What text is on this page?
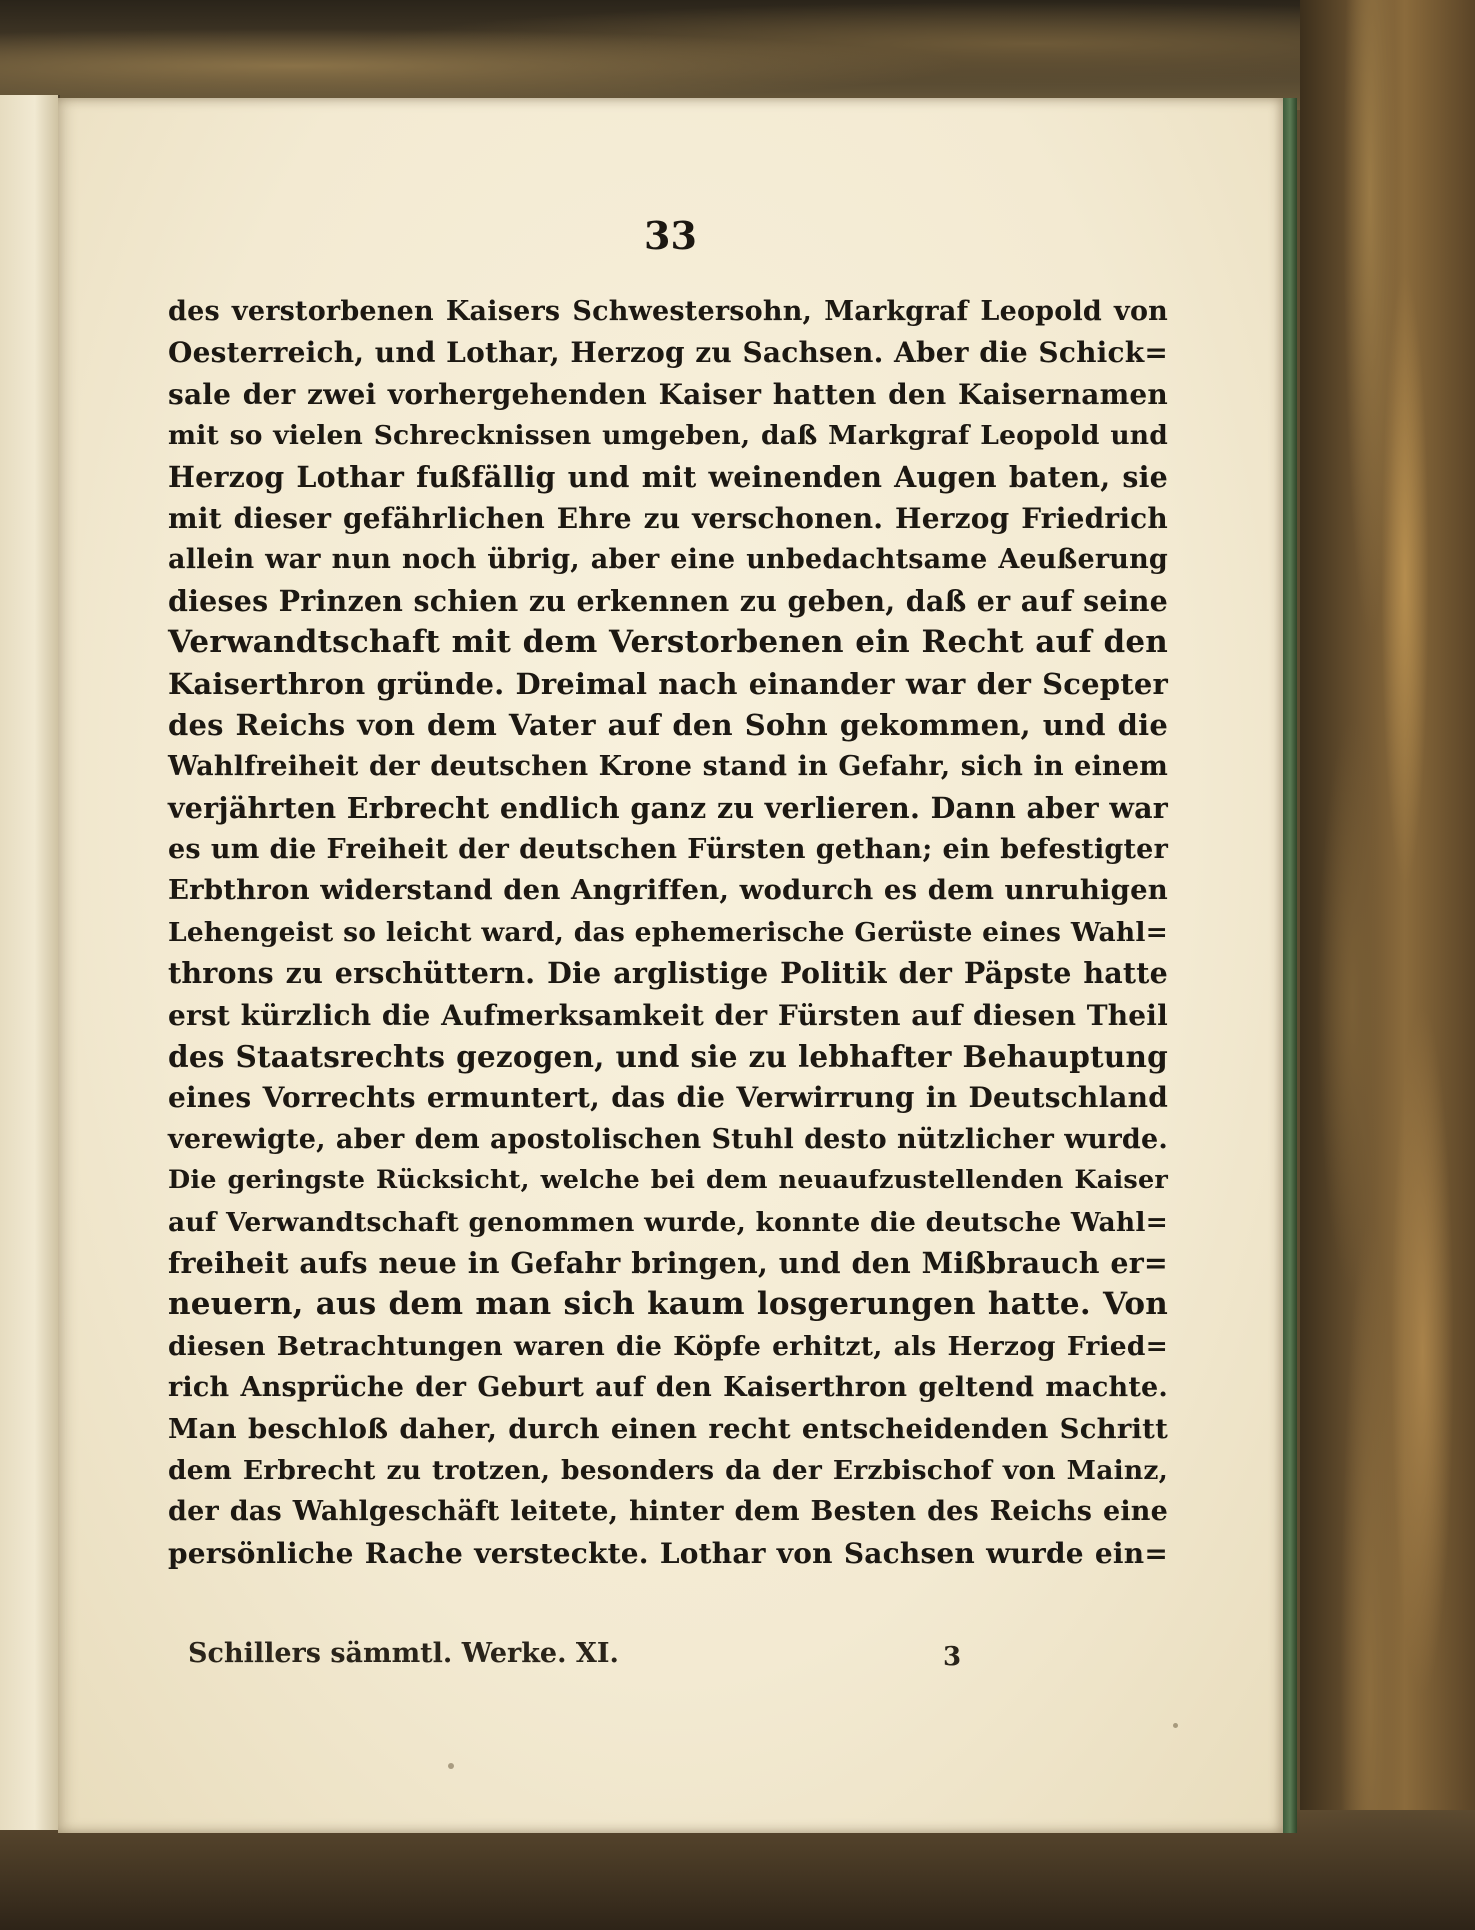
33
des verstorbenen Kaisers Schwestersohn, Markgraf Leopold von
Oesterreich, und Lothar, Herzog zu Sachsen. Aber die Schick=
sale der zwei vorhergehenden Kaiser hatten den Kaisernamen
mit so vielen Schrecknissen umgeben, daß Markgraf Leopold und
Herzog Lothar fußfällig und mit weinenden Augen baten, sie
mit dieser gefährlichen Ehre zu verschonen. Herzog Friedrich
allein war nun noch übrig, aber eine unbedachtsame Aeußerung
dieses Prinzen schien zu erkennen zu geben, daß er auf seine
Verwandtschaft mit dem Verstorbenen ein Recht auf den
Kaiserthron gründe. Dreimal nach einander war der Scepter
des Reichs von dem Vater auf den Sohn gekommen, und die
Wahlfreiheit der deutschen Krone stand in Gefahr, sich in einem
verjährten Erbrecht endlich ganz zu verlieren. Dann aber war
es um die Freiheit der deutschen Fürsten gethan; ein befestigter
Erbthron widerstand den Angriffen, wodurch es dem unruhigen
Lehengeist so leicht ward, das ephemerische Gerüste eines Wahl=
throns zu erschüttern. Die arglistige Politik der Päpste hatte
erst kürzlich die Aufmerksamkeit der Fürsten auf diesen Theil
des Staatsrechts gezogen, und sie zu lebhafter Behauptung
eines Vorrechts ermuntert, das die Verwirrung in Deutschland
verewigte, aber dem apostolischen Stuhl desto nützlicher wurde.
Die geringste Rücksicht, welche bei dem neuaufzustellenden Kaiser
auf Verwandtschaft genommen wurde, konnte die deutsche Wahl=
freiheit aufs neue in Gefahr bringen, und den Mißbrauch er=
neuern, aus dem man sich kaum losgerungen hatte. Von
diesen Betrachtungen waren die Köpfe erhitzt, als Herzog Fried=
rich Ansprüche der Geburt auf den Kaiserthron geltend machte.
Man beschloß daher, durch einen recht entscheidenden Schritt
dem Erbrecht zu trotzen, besonders da der Erzbischof von Mainz,
der das Wahlgeschäft leitete, hinter dem Besten des Reichs eine
persönliche Rache versteckte. Lothar von Sachsen wurde ein=
Schillers sämmtl. Werke. XI.	3
